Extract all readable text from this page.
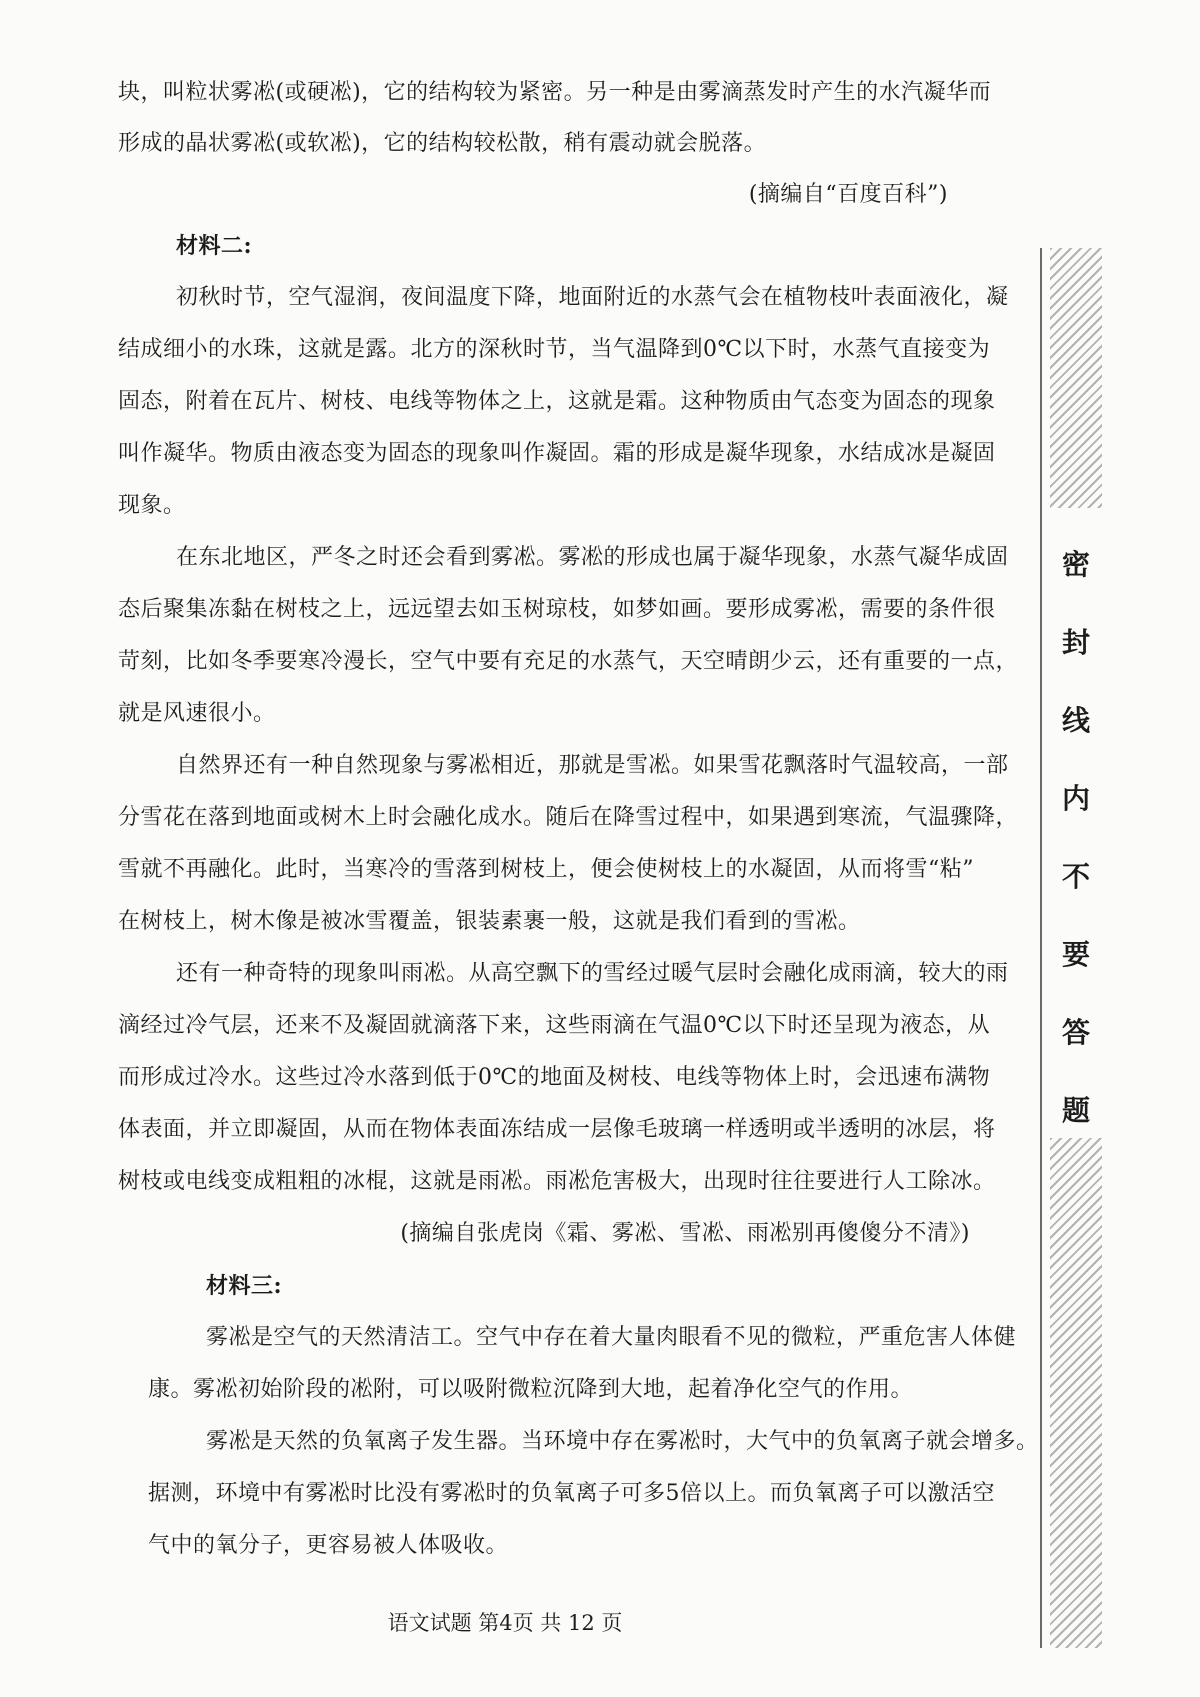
块，叫粒状雾凇(或硬凇)，它的结构较为紧密。另一种是由雾滴蒸发时产生的水汽凝华而
形成的晶状雾凇(或软凇)，它的结构较松散，稍有震动就会脱落。
(摘编自“百度百科”)
材料二:
初秋时节，空气湿润，夜间温度下降，地面附近的水蒸气会在植物枝叶表面液化，凝
结成细小的水珠，这就是露。北方的深秋时节，当气温降到0℃以下时，水蒸气直接变为
固态，附着在瓦片、树枝、电线等物体之上，这就是霜。这种物质由气态变为固态的现象
叫作凝华。物质由液态变为固态的现象叫作凝固。霜的形成是凝华现象，水结成冰是凝固
现象。
在东北地区，严冬之时还会看到雾凇。雾凇的形成也属于凝华现象，水蒸气凝华成固
态后聚集冻黏在树枝之上，远远望去如玉树琼枝，如梦如画。要形成雾凇，需要的条件很
苛刻，比如冬季要寒冷漫长，空气中要有充足的水蒸气，天空晴朗少云，还有重要的一点，
就是风速很小。
自然界还有一种自然现象与雾凇相近，那就是雪凇。如果雪花飘落时气温较高，一部
分雪花在落到地面或树木上时会融化成水。随后在降雪过程中，如果遇到寒流，气温骤降，
雪就不再融化。此时，当寒冷的雪落到树枝上，便会使树枝上的水凝固，从而将雪“粘”
在树枝上，树木像是被冰雪覆盖，银装素裹一般，这就是我们看到的雪凇。
还有一种奇特的现象叫雨凇。从高空飘下的雪经过暖气层时会融化成雨滴，较大的雨
滴经过冷气层，还来不及凝固就滴落下来，这些雨滴在气温0℃以下时还呈现为液态，从
而形成过冷水。这些过冷水落到低于0℃的地面及树枝、电线等物体上时，会迅速布满物
体表面，并立即凝固，从而在物体表面冻结成一层像毛玻璃一样透明或半透明的冰层，将
树枝或电线变成粗粗的冰棍，这就是雨凇。雨凇危害极大，出现时往往要进行人工除冰。
(摘编自张虎岗《霜、雾凇、雪凇、雨凇别再傻傻分不清》)
材料三:
雾凇是空气的天然清洁工。空气中存在着大量肉眼看不见的微粒，严重危害人体健
康。雾凇初始阶段的凇附，可以吸附微粒沉降到大地，起着净化空气的作用。
雾凇是天然的负氧离子发生器。当环境中存在雾凇时，大气中的负氧离子就会增多。
据测，环境中有雾凇时比没有雾凇时的负氧离子可多5倍以上。而负氧离子可以激活空
气中的氧分子，更容易被人体吸收。
语文试题 第4页 共 12 页
密
封
线
内
不
要
答
题
